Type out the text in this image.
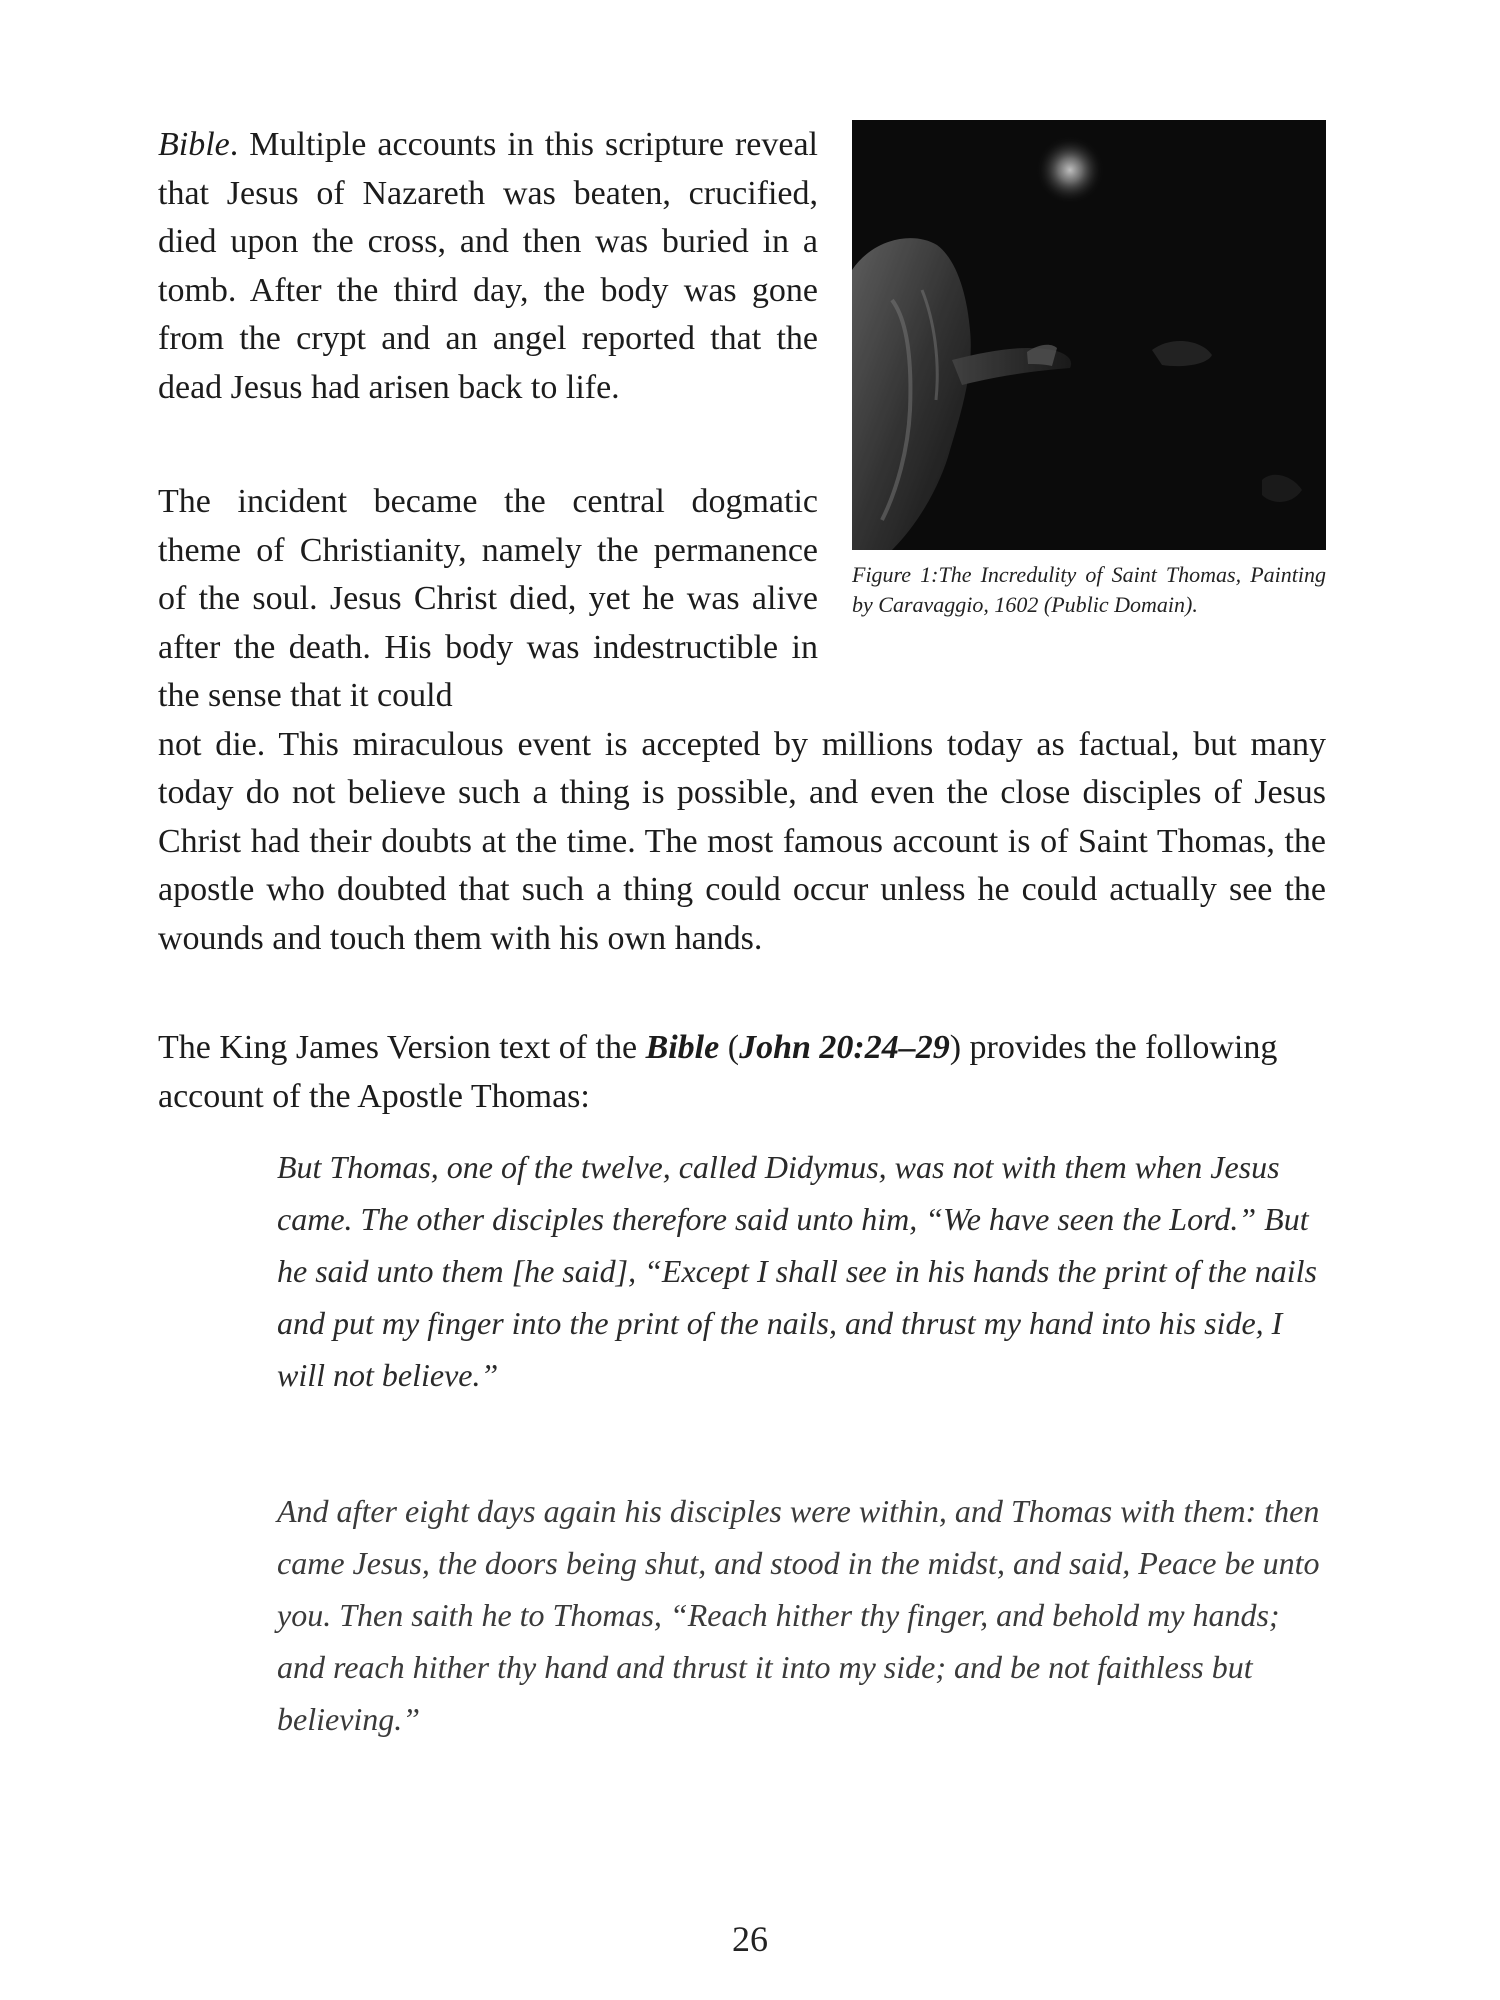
Bible. Multiple accounts in this scripture reveal that Jesus of Nazareth was beaten, crucified, died upon the cross, and then was buried in a tomb. After the third day, the body was gone from the crypt and an angel reported that the dead Jesus had arisen back to life.

The incident became the central dogmatic theme of Christianity, namely the permanence of the soul. Jesus Christ died, yet he was alive after the death. His body was indestructible in the sense that it could
not die. This miraculous event is accepted by millions today as factual, but many today do not believe such a thing is possible, and even the close disciples of Jesus Christ had their doubts at the time. The most famous account is of Saint Thomas, the apostle who doubted that such a thing could occur unless he could actually see the wounds and touch them with his own hands.

The King James Version text of the Bible (John 20:24–29) provides the following account of the Apostle Thomas:

Figure 1:The Incredulity of Saint Thomas, Painting by Caravaggio, 1602 (Public Domain).
But Thomas, one of the twelve, called Didymus, was not with them when Jesus came. The other disciples therefore said unto him, “We have seen the Lord.” But he said unto them [he said], “Except I shall see in his hands the print of the nails and put my finger into the print of the nails, and thrust my hand into his side, I will not believe.”
And after eight days again his disciples were within, and Thomas with them: then came Jesus, the doors being shut, and stood in the midst, and said, Peace be unto you. Then saith he to Thomas, “Reach hither thy finger, and behold my hands; and reach hither thy hand and thrust it into my side; and be not faithless but believing.”
26
